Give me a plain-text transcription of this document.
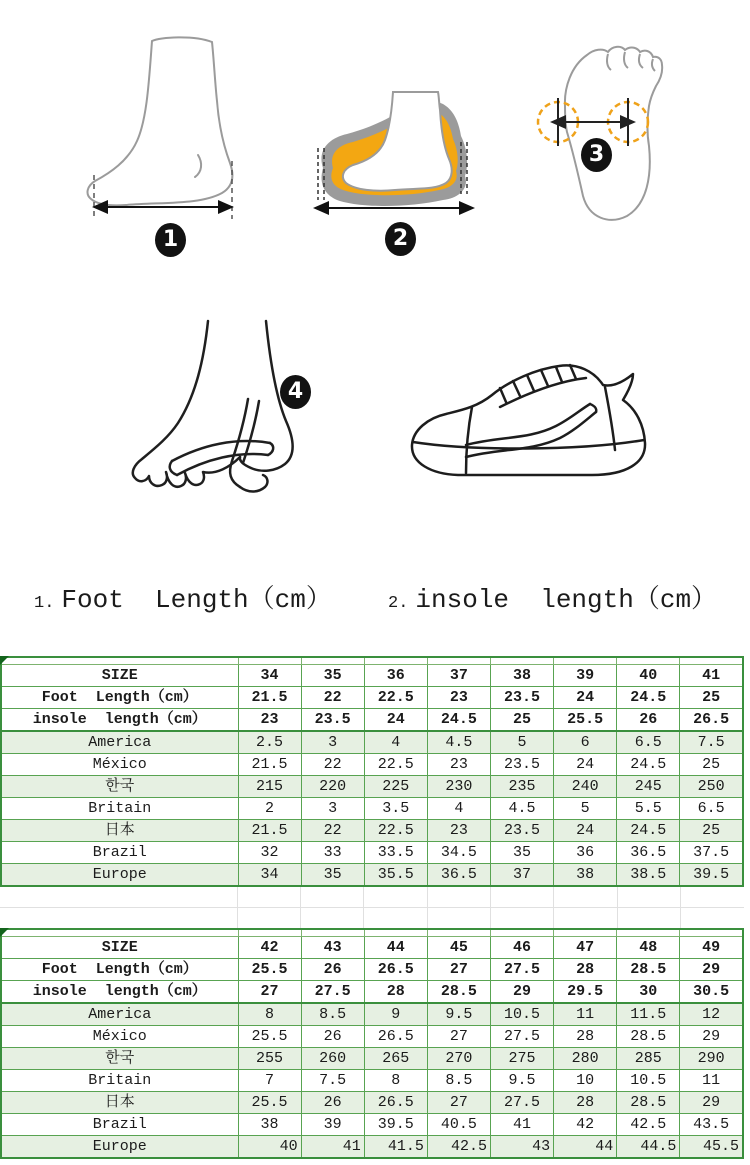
1	2
3
4
1. Foot  Length（cm）	2. insole  length（cm）

SIZE	34	35	36	37	38	39	40	41
Foot  Length（cm）	21.5	22	22.5	23	23.5	24	24.5	25
insole  length（cm）	23	23.5	24	24.5	25	25.5	26	26.5
America	2.5	3	4	4.5	5	6	6.5	7.5
México	21.5	22	22.5	23	23.5	24	24.5	25
한국	215	220	225	230	235	240	245	250
Britain	2	3	3.5	4	4.5	5	5.5	6.5
日本	21.5	22	22.5	23	23.5	24	24.5	25
Brazil	32	33	33.5	34.5	35	36	36.5	37.5
Europe	34	35	35.5	36.5	37	38	38.5	39.5

SIZE	42	43	44	45	46	47	48	49
Foot  Length（cm）	25.5	26	26.5	27	27.5	28	28.5	29
insole  length（cm）	27	27.5	28	28.5	29	29.5	30	30.5
America	8	8.5	9	9.5	10.5	11	11.5	12
México	25.5	26	26.5	27	27.5	28	28.5	29
한국	255	260	265	270	275	280	285	290
Britain	7	7.5	8	8.5	9.5	10	10.5	11
日本	25.5	26	26.5	27	27.5	28	28.5	29
Brazil	38	39	39.5	40.5	41	42	42.5	43.5
Europe	40	41	41.5	42.5	43	44	44.5	45.5
